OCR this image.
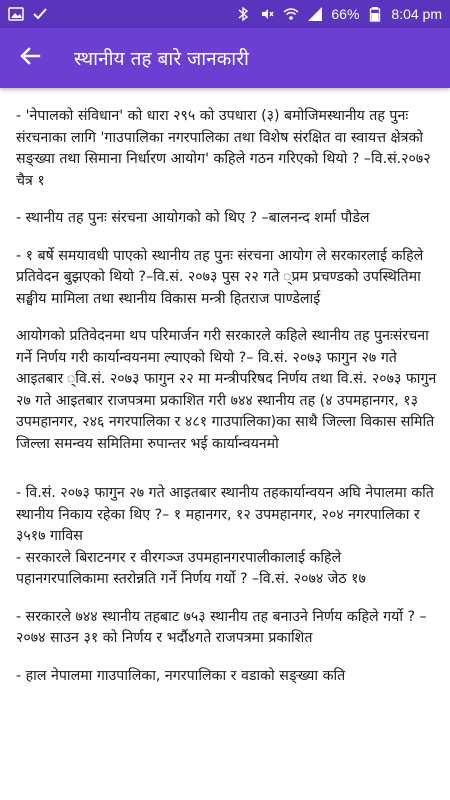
66% 8:04 pm
स्थानीय तह बारे जानकारी

- 'नेपालको संविधान' को धारा २९५ को उपधारा (३) बमोजिमस्थानीय तह पुनः संरचनाका लागि 'गाउपालिका नगरपालिका तथा विशेष संरक्षित वा स्वायत्त क्षेत्रको सङ्ख्या तथा सिमाना निर्धारण आयोग' कहिले गठन गरिएको थियो ? –वि.सं.२०७२ चैत्र १

- स्थानीय तह पुनः संरचना आयोगको को थिए ? –बालनन्द शर्मा पौडेल

- १ बर्षे समयावधी पाएको स्थानीय तह पुनः संरचना आयोग ले सरकारलाई कहिले प्रतिवेदन बुझएको थियो ?–वि.सं. २०७३ पुस २२ गते ्प्रम प्रचण्डको उपस्थितिमा सङ्घीय मामिला तथा स्थानीय विकास मन्त्री हितराज पाण्डेलाई

आयोगको प्रतिवेदनमा थप परिमार्जन गरी सरकारले कहिले स्थानीय तह पुनःसंरचना गर्ने निर्णय गरी कार्यान्वयनमा ल्याएको थियो ?– वि.सं. २०७३ फागुन २७ गते आइतबार ्वि.सं. २०७३ फागुन २२ मा मन्त्रीपरिषद निर्णय तथा वि.सं. २०७३ फागुन २७ गते आइतबार राजपत्रमा प्रकाशित गरी ७४४ स्थानीय तह (४ उपमहानगर, १३ उपमहानगर, २४६ नगरपालिका र ४८१ गाउपालिका)का साथै जिल्ला विकास समिति जिल्ला समन्वय समितिमा रुपान्तर भई कार्यान्वयनमो

- वि.सं. २०७३ फागुन २७ गते आइतबार स्थानीय तहकार्यान्वयन अघि नेपालमा कति स्थानीय निकाय रहेका थिए ?– १ महानगर, १२ उपमहानगर, २०४ नगरपालिका र ३५१७ गाविस

- सरकारले बिराटनगर र वीरगञ्ज उपमहानगरपालीकालाई कहिले पहानगरपालिकामा स्तरोन्नति गर्ने निर्णय गर्यो ? –वि.सं. २०७४ जेठ १७

- सरकारले ७४४ स्थानीय तहबाट ७५३ स्थानीय तह बनाउने निर्णय कहिले गर्यो ? – २०७४ साउन ३१ को निर्णय र भर्दौ४गते राजपत्रमा प्रकाशित

- हाल नेपालमा गाउपालिका, नगरपालिका र वडाको सङ्ख्या कति
